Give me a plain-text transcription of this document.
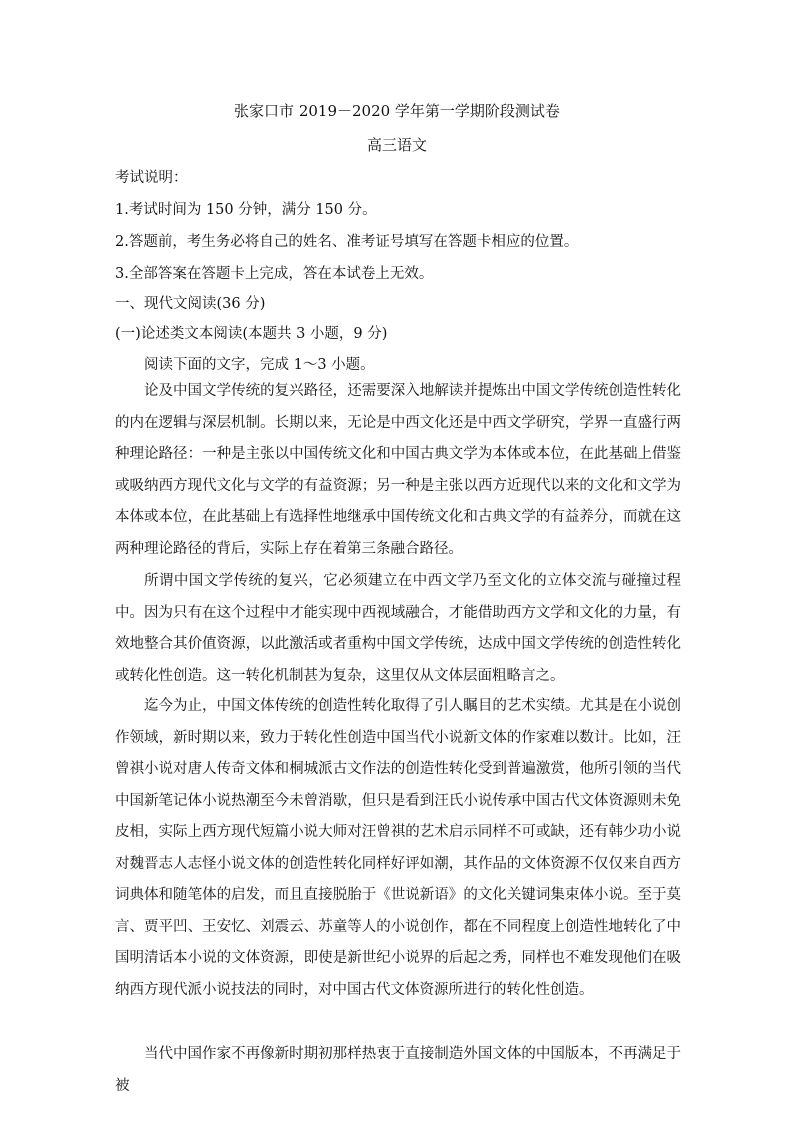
张家口市 2019－2020 学年第一学期阶段测试卷
高三语文
考试说明：
1.考试时间为 150 分钟，满分 150 分。
2.答题前，考生务必将自己的姓名、准考证号填写在答题卡相应的位置。
3.全部答案在答题卡上完成，答在本试卷上无效。
一、现代文阅读(36 分)
(一)论述类文本阅读(本题共 3 小题，9 分)
阅读下面的文字，完成 1～3 小题。

论及中国文学传统的复兴路径，还需要深入地解读并提炼出中国文学传统创造性转化的内在逻辑与深层机制。长期以来，无论是中西文化还是中西文学研究，学界一直盛行两种理论路径：一种是主张以中国传统文化和中国古典文学为本体或本位，在此基础上借鉴或吸纳西方现代文化与文学的有益资源；另一种是主张以西方近现代以来的文化和文学为本体或本位，在此基础上有选择性地继承中国传统文化和古典文学的有益养分，而就在这两种理论路径的背后，实际上存在着第三条融合路径。

所谓中国文学传统的复兴，它必须建立在中西文学乃至文化的立体交流与碰撞过程中。因为只有在这个过程中才能实现中西视域融合，才能借助西方文学和文化的力量，有效地整合其价值资源，以此激活或者重构中国文学传统，达成中国文学传统的创造性转化或转化性创造。这一转化机制甚为复杂，这里仅从文体层面粗略言之。

迄今为止，中国文体传统的创造性转化取得了引人瞩目的艺术实绩。尤其是在小说创作领域，新时期以来，致力于转化性创造中国当代小说新文体的作家难以数计。比如，汪曾祺小说对唐人传奇文体和桐城派古文作法的创造性转化受到普遍激赏，他所引领的当代中国新笔记体小说热潮至今未曾消歇，但只是看到汪氏小说传承中国古代文体资源则未免皮相，实际上西方现代短篇小说大师对汪曾祺的艺术启示同样不可或缺，还有韩少功小说对魏晋志人志怪小说文体的创造性转化同样好评如潮，其作品的文体资源不仅仅来自西方词典体和随笔体的启发，而且直接脱胎于《世说新语》的文化关键词集束体小说。至于莫言、贾平凹、王安忆、刘震云、苏童等人的小说创作，都在不同程度上创造性地转化了中国明清话本小说的文体资源，即使是新世纪小说界的后起之秀，同样也不难发现他们在吸纳西方现代派小说技法的同时，对中国古代文体资源所进行的转化性创造。

当代中国作家不再像新时期初那样热衷于直接制造外国文体的中国版本，不再满足于被
